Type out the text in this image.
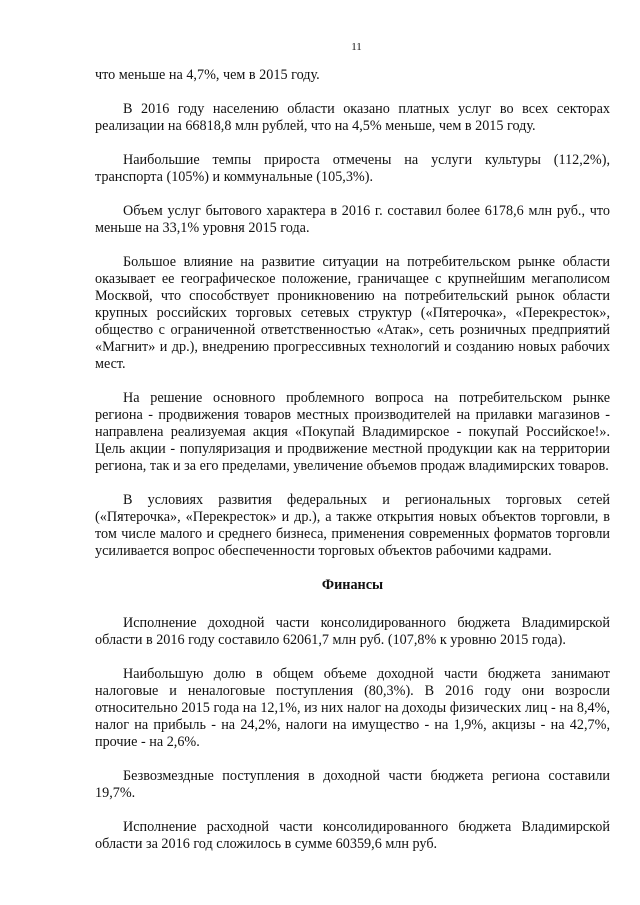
11

что меньше на 4,7%, чем в 2015 году.

В 2016 году населению области оказано платных услуг во всех секторах реализации на 66818,8 млн рублей, что на 4,5% меньше, чем в 2015 году.

Наибольшие темпы прироста отмечены на услуги культуры (112,2%), транспорта (105%) и коммунальные (105,3%).

Объем услуг бытового характера в 2016 г. составил более 6178,6 млн руб., что меньше на 33,1% уровня 2015 года.

Большое влияние на развитие ситуации на потребительском рынке области оказывает ее географическое положение, граничащее с крупнейшим мегаполисом Москвой, что способствует проникновению на потребительский рынок области крупных российских торговых сетевых структур («Пятерочка», «Перекресток», общество с ограниченной ответственностью «Атак», сеть розничных предприятий «Магнит» и др.), внедрению прогрессивных технологий и созданию новых рабочих мест.

На решение основного проблемного вопроса на потребительском рынке региона - продвижения товаров местных производителей на прилавки магазинов - направлена реализуемая акция «Покупай Владимирское - покупай Российское!». Цель акции - популяризация и продвижение местной продукции как на территории региона, так и за его пределами, увеличение объемов продаж владимирских товаров.

В условиях развития федеральных и региональных торговых сетей («Пятерочка», «Перекресток» и др.), а также открытия новых объектов торговли, в том числе малого и среднего бизнеса, применения современных форматов торговли усиливается вопрос обеспеченности торговых объектов рабочими кадрами.

Финансы

Исполнение доходной части консолидированного бюджета Владимирской области в 2016 году составило 62061,7 млн руб. (107,8% к уровню 2015 года).

Наибольшую долю в общем объеме доходной части бюджета занимают налоговые и неналоговые поступления (80,3%). В 2016 году они возросли относительно 2015 года на 12,1%, из них налог на доходы физических лиц - на 8,4%, налог на прибыль - на 24,2%, налоги на имущество - на 1,9%, акцизы - на 42,7%, прочие - на 2,6%.

Безвозмездные поступления в доходной части бюджета региона составили 19,7%.

Исполнение расходной части консолидированного бюджета Владимирской области за 2016 год сложилось в сумме 60359,6 млн руб.
